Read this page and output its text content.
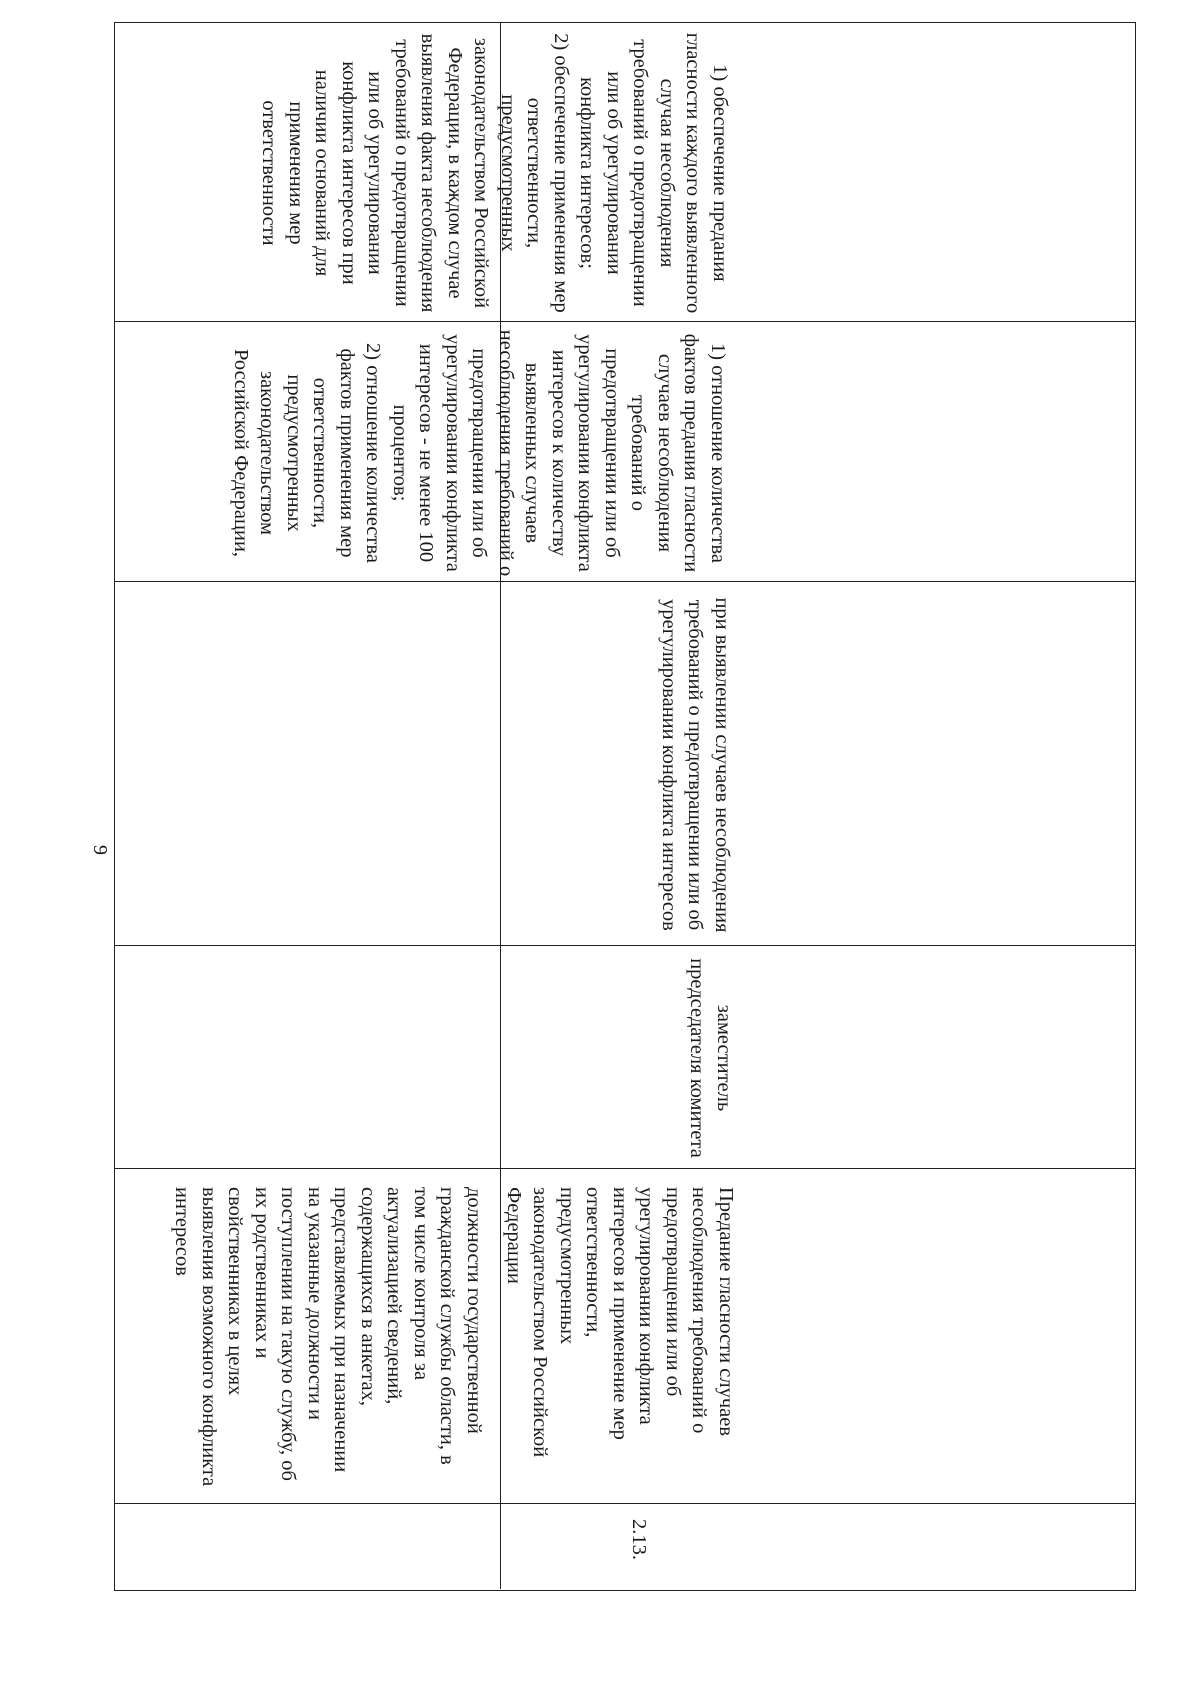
9
должности государственной гражданской службы области, в том числе контроля за актуализацией сведений, содержащихся в анкетах, представляемых при назначении на указанные должности и поступлении на такую службу, об их родственниках и свойственниках в целях выявления возможного конфликта интересов
2.13.
Предание гласности случаев несоблюдения требований о предотвращении или об урегулировании конфликта интересов и применение мер ответственности,
предусмотренных
законодательством Российской Федерации
заместитель председателя комитета
при выявлении случаев несоблюдения требований о предотвращении или об урегулировании конфликта интересов
1) отношение количества фактов предания гласности случаев несоблюдения требований о предотвращении или об урегулировании конфликта интересов к количеству выявленных случаев несоблюдения требований о предотвращении или об урегулировании конфликта интересов - не менее 100 процентов;
2) отношение количества фактов применения мер ответственности, предусмотренных законодательством Российской Федерации,
1) обеспечение предания гласности каждого выявленного случая несоблюдения требований о предотвращении или об урегулировании конфликта интересов;
2) обеспечение применения мер ответственности, предусмотренных законодательством Российской Федерации, в каждом случае выявления факта несоблюдения требований о предотвращении или об урегулировании конфликта интересов при наличии оснований для применения мер ответственности
